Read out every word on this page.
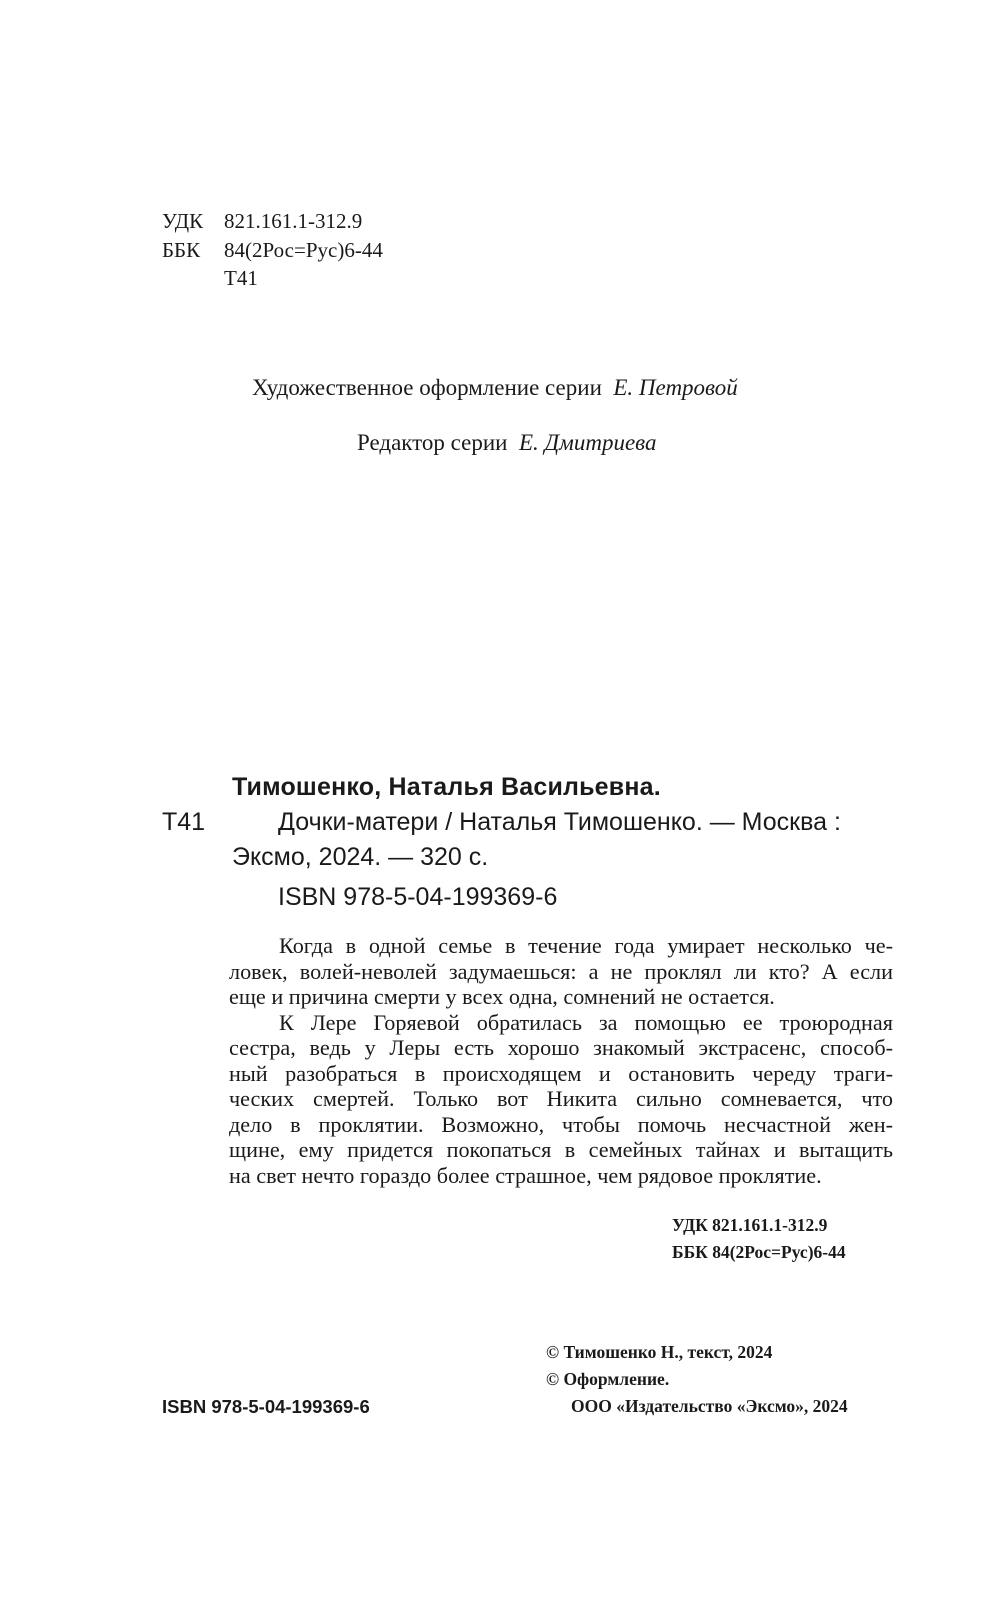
УДК 821.161.1-312.9
ББК 84(2Рос=Рус)6-44
Т41
Художественное оформление серии Е. Петровой
Редактор серии Е. Дмитриева
Тимошенко, Наталья Васильевна.
Т41	Дочки-матери / Наталья Тимошенко. — Москва :
Эксмо, 2024. — 320 с.
ISBN 978-5-04-199369-6
Когда в одной семье в течение года умирает несколько че-
ловек, волей-неволей задумаешься: а не проклял ли кто? А если
еще и причина смерти у всех одна, сомнений не остается.
К Лере Горяевой обратилась за помощью ее троюродная
сестра, ведь у Леры есть хорошо знакомый экстрасенс, способ-
ный разобраться в происходящем и остановить череду траги-
ческих смертей. Только вот Никита сильно сомневается, что
дело в проклятии. Возможно, чтобы помочь несчастной жен-
щине, ему придется покопаться в семейных тайнах и вытащить
на свет нечто гораздо более страшное, чем рядовое проклятие.
УДК 821.161.1-312.9
ББК 84(2Рос=Рус)6-44
© Тимошенко Н., текст, 2024
© Оформление.
ООО «Издательство «Эксмо», 2024
ISBN 978-5-04-199369-6
